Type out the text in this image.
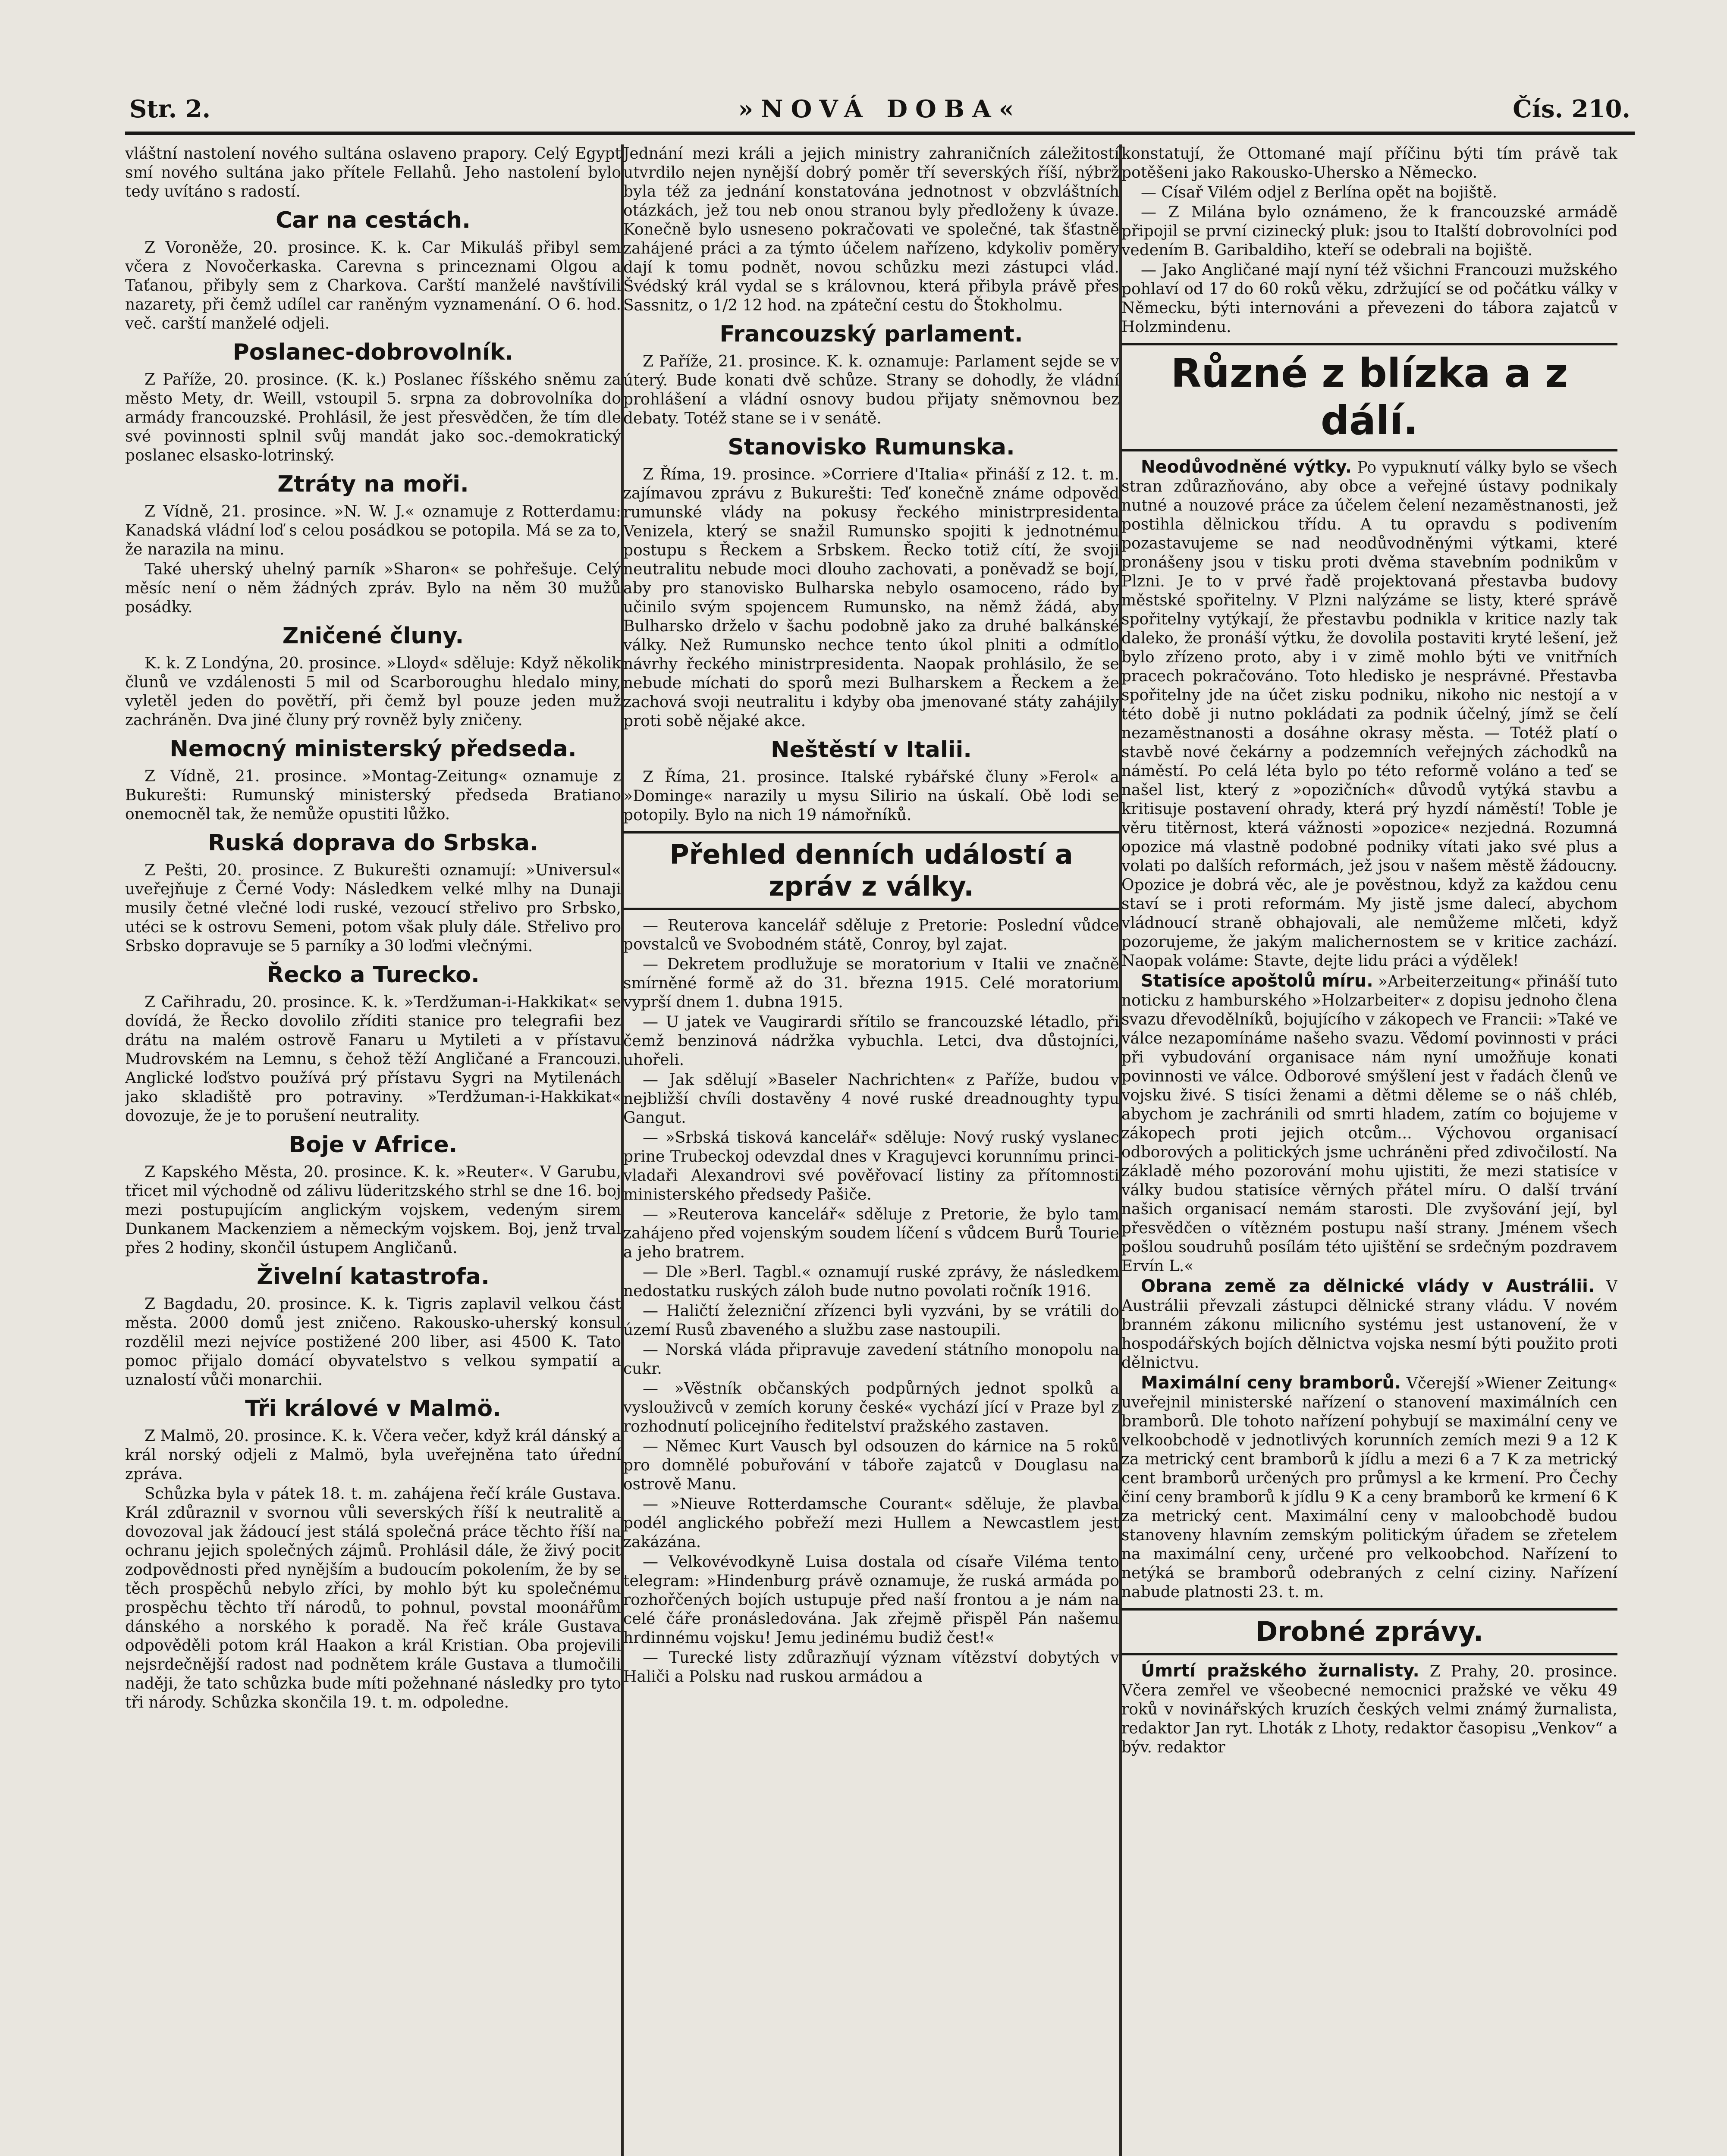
Str. 2.	»NOVÁ DOBA«	Čís. 210.

vláštní nastolení nového sultána oslaveno prapory. Celý Egypt smí nového sultána jako přítele Fellahů. Jeho nastolení bylo tedy uvítáno s radostí.

Car na cestách.

Z Voroněže, 20. prosince. K. k. Car Mikuláš přibyl sem včera z Novočerkaska. Carevna s princeznami Olgou a Taťanou, přibyly sem z Charkova. Carští manželé navštívili nazarety, při čemž udílel car raněným vyznamenání. O 6. hod. več. carští manželé odjeli.

Poslanec-dobrovolník.

Z Paříže, 20. prosince. (K. k.) Poslanec říšského sněmu za město Mety, dr. Weill, vstoupil 5. srpna za dobrovolníka do armády francouzské. Prohlásil, že jest přesvědčen, že tím dle své povinnosti splnil svůj mandát jako soc.-demokratický poslanec elsasko-lotrinský.

Ztráty na moři.

Z Vídně, 21. prosince. »N. W. J.« oznamuje z Rotterdamu: Kanadská vládní loď s celou posádkou se potopila. Má se za to, že narazila na minu.

Také uherský uhelný parník »Sharon« se pohřešuje. Celý měsíc není o něm žádných zpráv. Bylo na něm 30 mužů posádky.

Zničené čluny.

K. k. Z Londýna, 20. prosince. »Lloyd« sděluje: Když několik člunů ve vzdálenosti 5 mil od Scarboroughu hledalo miny, vyletěl jeden do povětří, při čemž byl pouze jeden muž zachráněn. Dva jiné čluny prý rovněž byly zničeny.

Nemocný ministerský předseda.

Z Vídně, 21. prosince. »Montag-Zeitung« oznamuje z Bukurešti: Rumunský ministerský předseda Bratiano onemocněl tak, že nemůže opustiti lůžko.

Ruská doprava do Srbska.

Z Pešti, 20. prosince. Z Bukurešti oznamují: »Universul« uveřejňuje z Černé Vody: Následkem velké mlhy na Dunaji musily četné vlečné lodi ruské, vezoucí střelivo pro Srbsko, utéci se k ostrovu Semeni, potom však pluly dále. Střelivo pro Srbsko dopravuje se 5 parníky a 30 loďmi vlečnými.

Řecko a Turecko.

Z Cařihradu, 20. prosince. K. k. »Terdžuman-i-Hakkikat« se dovídá, že Řecko dovolilo zříditi stanice pro telegrafii bez drátu na malém ostrově Fanaru u Mytileti a v přístavu Mudrovském na Lemnu, s čehož těží Angličané a Francouzi. Anglické loďstvo používá prý přístavu Sygri na Mytilenách jako skladiště pro potraviny. »Terdžuman-i-Hakkikat« dovozuje, že je to porušení neutrality.

Boje v Africe.

Z Kapského Města, 20. prosince. K. k. »Reuter«. V Garubu, třicet mil východně od zálivu lüderitzského strhl se dne 16. boj mezi postupujícím anglickým vojskem, vedeným sirem Dunkanem Mackenziem a německým vojskem. Boj, jenž trval přes 2 hodiny, skončil ústupem Angličanů.

Živelní katastrofa.

Z Bagdadu, 20. prosince. K. k. Tigris zaplavil velkou část města. 2000 domů jest zničeno. Rakousko-uherský konsul rozdělil mezi nejvíce postižené 200 liber, asi 4500 K. Tato pomoc přijalo domácí obyvatelstvo s velkou sympatií a uznalostí vůči monarchii.

Tři králové v Malmö.

Z Malmö, 20. prosince. K. k. Včera večer, když král dánský a král norský odjeli z Malmö, byla uveřejněna tato úřední zpráva.

Schůzka byla v pátek 18. t. m. zahájena řečí krále Gustava. Král zdůraznil v svornou vůli severských říší k neutralitě a dovozoval jak žádoucí jest stálá společná práce těchto říší na ochranu jejich společných zájmů. Prohlásil dále, že živý pocit zodpovědnosti před nynějším a budoucím pokolením, že by se těch prospěchů nebylo zříci, by mohlo být ku společnému prospěchu těchto tří národů, to pohnul, povstal moonářům dánského a norského k poradě. Na řeč krále Gustava odpověděli potom král Haakon a král Kristian. Oba projevili nejsrdečnější radost nad podnětem krále Gustava a tlumočili naději, že tato schůzka bude míti požehnané následky pro tyto tři národy. Schůzka skončila 19. t. m. odpoledne.

Jednání mezi králi a jejich ministry zahraničních záležitostí utvrdilo nejen nynější dobrý poměr tří severských říší, nýbrž byla též za jednání konstatována jednotnost v obzvláštních otázkách, jež tou neb onou stranou byly předloženy k úvaze. Konečně bylo usneseno pokračovati ve společné, tak šťastně zahájené práci a za týmto účelem nařízeno, kdykoliv poměry dají k tomu podnět, novou schůzku mezi zástupci vlád. Švédský král vydal se s královnou, která přibyla právě přes Sassnitz, o 1/2 12 hod. na zpáteční cestu do Štokholmu.

Francouzský parlament.

Z Paříže, 21. prosince. K. k. oznamuje: Parlament sejde se v úterý. Bude konati dvě schůze. Strany se dohodly, že vládní prohlášení a vládní osnovy budou přijaty sněmovnou bez debaty. Totéž stane se i v senátě.

Stanovisko Rumunska.

Z Říma, 19. prosince. »Corriere d'Italia« přináší z 12. t. m. zajímavou zprávu z Bukurešti: Teď konečně známe odpověď rumunské vlády na pokusy řeckého ministrpresidenta Venizela, který se snažil Rumunsko spojiti k jednotnému postupu s Řeckem a Srbskem. Řecko totiž cítí, že svoji neutralitu nebude moci dlouho zachovati, a poněvadž se bojí, aby pro stanovisko Bulharska nebylo osamoceno, rádo by učinilo svým spojencem Rumunsko, na němž žádá, aby Bulharsko drželo v šachu podobně jako za druhé balkánské války. Než Rumunsko nechce tento úkol plniti a odmítlo návrhy řeckého ministrpresidenta. Naopak prohlásilo, že se nebude míchati do sporů mezi Bulharskem a Řeckem a že zachová svoji neutralitu i kdyby oba jmenované státy zahájily proti sobě nějaké akce.

Neštěstí v Italii.

Z Říma, 21. prosince. Italské rybářské čluny »Ferol« a »Dominge« narazily u mysu Silirio na úskalí. Obě lodi se potopily. Bylo na nich 19 námořníků.

Přehled denních událostí a zpráv z války.

— Reuterova kancelář sděluje z Pretorie: Poslední vůdce povstalců ve Svobodném státě, Conroy, byl zajat.

— Dekretem prodlužuje se moratorium v Italii ve značně smírněné formě až do 31. března 1915. Celé moratorium vyprší dnem 1. dubna 1915.

— U jatek ve Vaugirardi sřítilo se francouzské létadlo, při čemž benzinová nádržka vybuchla. Letci, dva důstojníci, uhořeli.

— Jak sdělují »Baseler Nachrichten« z Paříže, budou v nejbližší chvíli dostavěny 4 nové ruské dreadnoughty typu Gangut.

— »Srbská tisková kancelář« sděluje: Nový ruský vyslanec prine Trubeckoj odevzdal dnes v Kragujevci korunnímu princi-vladaři Alexandrovi své pověřovací listiny za přítomnosti ministerského předsedy Pašiče.

— »Reuterova kancelář« sděluje z Pretorie, že bylo tam zahájeno před vojenským soudem líčení s vůdcem Burů Tourie a jeho bratrem.

— Dle »Berl. Tagbl.« oznamují ruské zprávy, že následkem nedostatku ruských záloh bude nutno povolati ročník 1916.

— Haličtí železniční zřízenci byli vyzváni, by se vrátili do území Rusů zbaveného a službu zase nastoupili.

— Norská vláda připravuje zavedení státního monopolu na cukr.

— »Věstník občanských podpůrných jednot spolků a vyslouživců v zemích koruny české« vychází jící v Praze byl z rozhodnutí policejního ředitelství pražského zastaven.

— Němec Kurt Vausch byl odsouzen do kárnice na 5 roků pro domnělé pobuřování v táboře zajatců v Douglasu na ostrově Manu.

— »Nieuve Rotterdamsche Courant« sděluje, že plavba podél anglického pobřeží mezi Hullem a Newcastlem jest zakázána.

— Velkovévodkyně Luisa dostala od císaře Viléma tento telegram: »Hindenburg právě oznamuje, že ruská armáda po rozhořčených bojích ustupuje před naší frontou a je nám na celé čáře pronásledována. Jak zřejmě přispěl Pán našemu hrdinnému vojsku! Jemu jedinému budiž čest!«

— Turecké listy zdůrazňují význam vítězství dobytých v Haliči a Polsku nad ruskou armádou a

konstatují, že Ottomané mají příčinu býti tím právě tak potěšeni jako Rakousko-Uhersko a Německo.

— Císař Vilém odjel z Berlína opět na bojiště.

— Z Milána bylo oznámeno, že k francouzské armádě připojil se první cizinecký pluk: jsou to Italští dobrovolníci pod vedením B. Garibaldiho, kteří se odebrali na bojiště.

— Jako Angličané mají nyní též všichni Francouzi mužského pohlaví od 17 do 60 roků věku, zdržující se od počátku války v Německu, býti internováni a převezeni do tábora zajatců v Holzmindenu.

Různé z blízka a z dálí.

Neodůvodněné výtky. Po vypuknutí války bylo se všech stran zdůrazňováno, aby obce a veřejné ústavy podnikaly nutné a nouzové práce za účelem čelení nezaměstnanosti, jež postihla dělnickou třídu. A tu opravdu s podivením pozastavujeme se nad neodůvodněnými výtkami, které pronášeny jsou v tisku proti dvěma stavebním podnikům v Plzni. Je to v prvé řadě projektovaná přestavba budovy městské spořitelny. V Plzni nalýzáme se listy, které správě spořitelny vytýkají, že přestavbu podnikla v kritice nazly tak daleko, že pronáší výtku, že dovolila postaviti kryté lešení, jež bylo zřízeno proto, aby i v zimě mohlo býti ve vnitřních pracech pokračováno. Toto hledisko je nesprávné. Přestavba spořitelny jde na účet zisku podniku, nikoho nic nestojí a v této době ji nutno pokládati za podnik účelný, jímž se čelí nezaměstnanosti a dosáhne okrasy města. — Totéž platí o stavbě nové čekárny a podzemních veřejných záchodků na náměstí. Po celá léta bylo po této reformě voláno a teď se našel list, který z »opozičních« důvodů vytýká stavbu a kritisuje postavení ohrady, která prý hyzdí náměstí! Toble je věru titěrnost, která vážnosti »opozice« nezjedná. Rozumná opozice má vlastně podobné podniky vítati jako své plus a volati po dalších reformách, jež jsou v našem městě žádoucny. Opozice je dobrá věc, ale je pověstnou, když za každou cenu staví se i proti reformám. My jistě jsme dalecí, abychom vládnoucí straně obhajovali, ale nemůžeme mlčeti, když pozorujeme, že jakým malichernostem se v kritice zachází. Naopak voláme: Stavte, dejte lidu práci a výdělek!

Statisíce apoštolů míru. »Arbeiterzeitung« přináší tuto noticku z hamburského »Holzarbeiter« z dopisu jednoho člena svazu dřevodělníků, bojujícího v zákopech ve Francii: »Také ve válce nezapomínáme našeho svazu. Vědomí povinnosti v práci při vybudování organisace nám nyní umožňuje konati povinnosti ve válce. Odborové smýšlení jest v řadách členů ve vojsku živé. S tisíci ženami a dětmi děleme se o náš chléb, abychom je zachránili od smrti hladem, zatím co bojujeme v zákopech proti jejich otcům... Výchovou organisací odborových a politických jsme uchráněni před zdivočilostí. Na základě mého pozorování mohu ujistiti, že mezi statisíce v války budou statisíce věrných přátel míru. O další trvání našich organisací nemám starosti. Dle zvyšování její, byl přesvědčen o vítězném postupu naší strany. Jménem všech pošlou soudruhů posílám této ujištění se srdečným pozdravem Ervín L.«

Obrana země za dělnické vlády v Austrálii. V Austrálii převzali zástupci dělnické strany vládu. V novém branném zákonu milicního systému jest ustanovení, že v hospodářských bojích dělnictva vojska nesmí býti použito proti dělnictvu.

Maximální ceny bramborů. Včerejší »Wiener Zeitung« uveřejnil ministerské nařízení o stanovení maximálních cen bramborů. Dle tohoto nařízení pohybují se maximální ceny ve velkoobchodě v jednotlivých korunních zemích mezi 9 a 12 K za metrický cent bramborů k jídlu a mezi 6 a 7 K za metrický cent bramborů určených pro průmysl a ke krmení. Pro Čechy činí ceny bramborů k jídlu 9 K a ceny bramborů ke krmení 6 K za metrický cent. Maximální ceny v maloobchodě budou stanoveny hlavním zemským politickým úřadem se zřetelem na maximální ceny, určené pro velkoobchod. Nařízení to netýká se bramborů odebraných z celní ciziny. Nařízení nabude platnosti 23. t. m.

Drobné zprávy.

Úmrtí pražského žurnalisty. Z Prahy, 20. prosince. Včera zemřel ve všeobecné nemocnici pražské ve věku 49 roků v novinářských kruzích českých velmi známý žurnalista, redaktor Jan ryt. Lhoták z Lhoty, redaktor časopisu „Venkov“ a býv. redaktor
